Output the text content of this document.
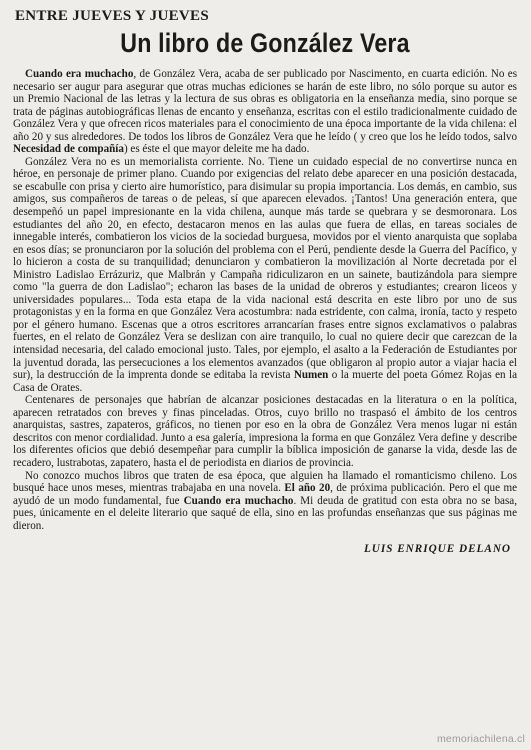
ENTRE JUEVES Y JUEVES
Un libro de González Vera

Cuando era muchacho, de González Vera, acaba de ser publicado por Nascimento, en cuarta edición. No es necesario ser augur para asegurar que otras muchas ediciones se harán de este libro, no sólo porque su autor es un Premio Nacional de las letras y la lectura de sus obras es obligatoria en la enseñanza media, sino porque se trata de páginas autobiográficas llenas de encanto y enseñanza, escritas con el estilo tradicionalmente cuidado de González Vera y que ofrecen ricos materiales para el conocimiento de una época importante de la vida chilena: el año 20 y sus alrededores. De todos los libros de González Vera que he leído ( y creo que los he leído todos, salvo Necesidad de compañía) es éste el que mayor deleite me ha dado.

González Vera no es un memorialista corriente. No. Tiene un cuidado especial de no convertirse nunca en héroe, en personaje de primer plano. Cuando por exigencias del relato debe aparecer en una posición destacada, se escabulle con prisa y cierto aire humorístico, para disimular su propia importancia. Los demás, en cambio, sus amigos, sus compañeros de tareas o de peleas, sí que aparecen elevados. ¡Tantos! Una generación entera, que desempeñó un papel impresionante en la vida chilena, aunque más tarde se quebrara y se desmoronara. Los estudiantes del año 20, en efecto, destacaron menos en las aulas que fuera de ellas, en tareas sociales de innegable interés, combatieron los vicios de la sociedad burguesa, movidos por el viento anarquista que soplaba en esos días; se pronunciaron por la solución del problema con el Perú, pendiente desde la Guerra del Pacífico, y lo hicieron a costa de su tranquilidad; denunciaron y combatieron la movilización al Norte decretada por el Ministro Ladislao Errázuriz, que Malbrán y Campaña ridiculizaron en un sainete, bautizándola para siempre como "la guerra de don Ladislao"; echaron las bases de la unidad de obreros y estudiantes; crearon liceos y universidades populares... Toda esta etapa de la vida nacional está descrita en este libro por uno de sus protagonistas y en la forma en que González Vera acostumbra: nada estridente, con calma, ironía, tacto y respeto por el género humano. Escenas que a otros escritores arrancarían frases entre signos exclamativos o palabras fuertes, en el relato de González Vera se deslizan con aire tranquilo, lo cual no quiere decir que carezcan de la intensidad necesaria, del calado emocional justo. Tales, por ejemplo, el asalto a la Federación de Estudiantes por la juventud dorada, las persecuciones a los elementos avanzados (que obligaron al propio autor a viajar hacia el sur), la destrucción de la imprenta donde se editaba la revista Numen o la muerte del poeta Gómez Rojas en la Casa de Orates.

Centenares de personajes que habrían de alcanzar posiciones destacadas en la literatura o en la política, aparecen retratados con breves y finas pinceladas. Otros, cuyo brillo no traspasó el ámbito de los centros anarquistas, sastres, zapateros, gráficos, no tienen por eso en la obra de González Vera menos lugar ni están descritos con menor cordialidad. Junto a esa galería, impresiona la forma en que González Vera define y describe los diferentes oficios que debió desempeñar para cumplir la bíblica imposición de ganarse la vida, desde las de recadero, lustrabotas, zapatero, hasta el de periodista en diarios de provincia.

No conozco muchos libros que traten de esa época, que alguien ha llamado el romanticismo chileno. Los busqué hace unos meses, mientras trabajaba en una novela. El año 20, de próxima publicación. Pero el que me ayudó de un modo fundamental, fue Cuando era muchacho. Mi deuda de gratitud con esta obra no se basa, pues, únicamente en el deleite literario que saqué de ella, sino en las profundas enseñanzas que sus páginas me dieron.

LUIS ENRIQUE DELANO
memoriachilena.cl
